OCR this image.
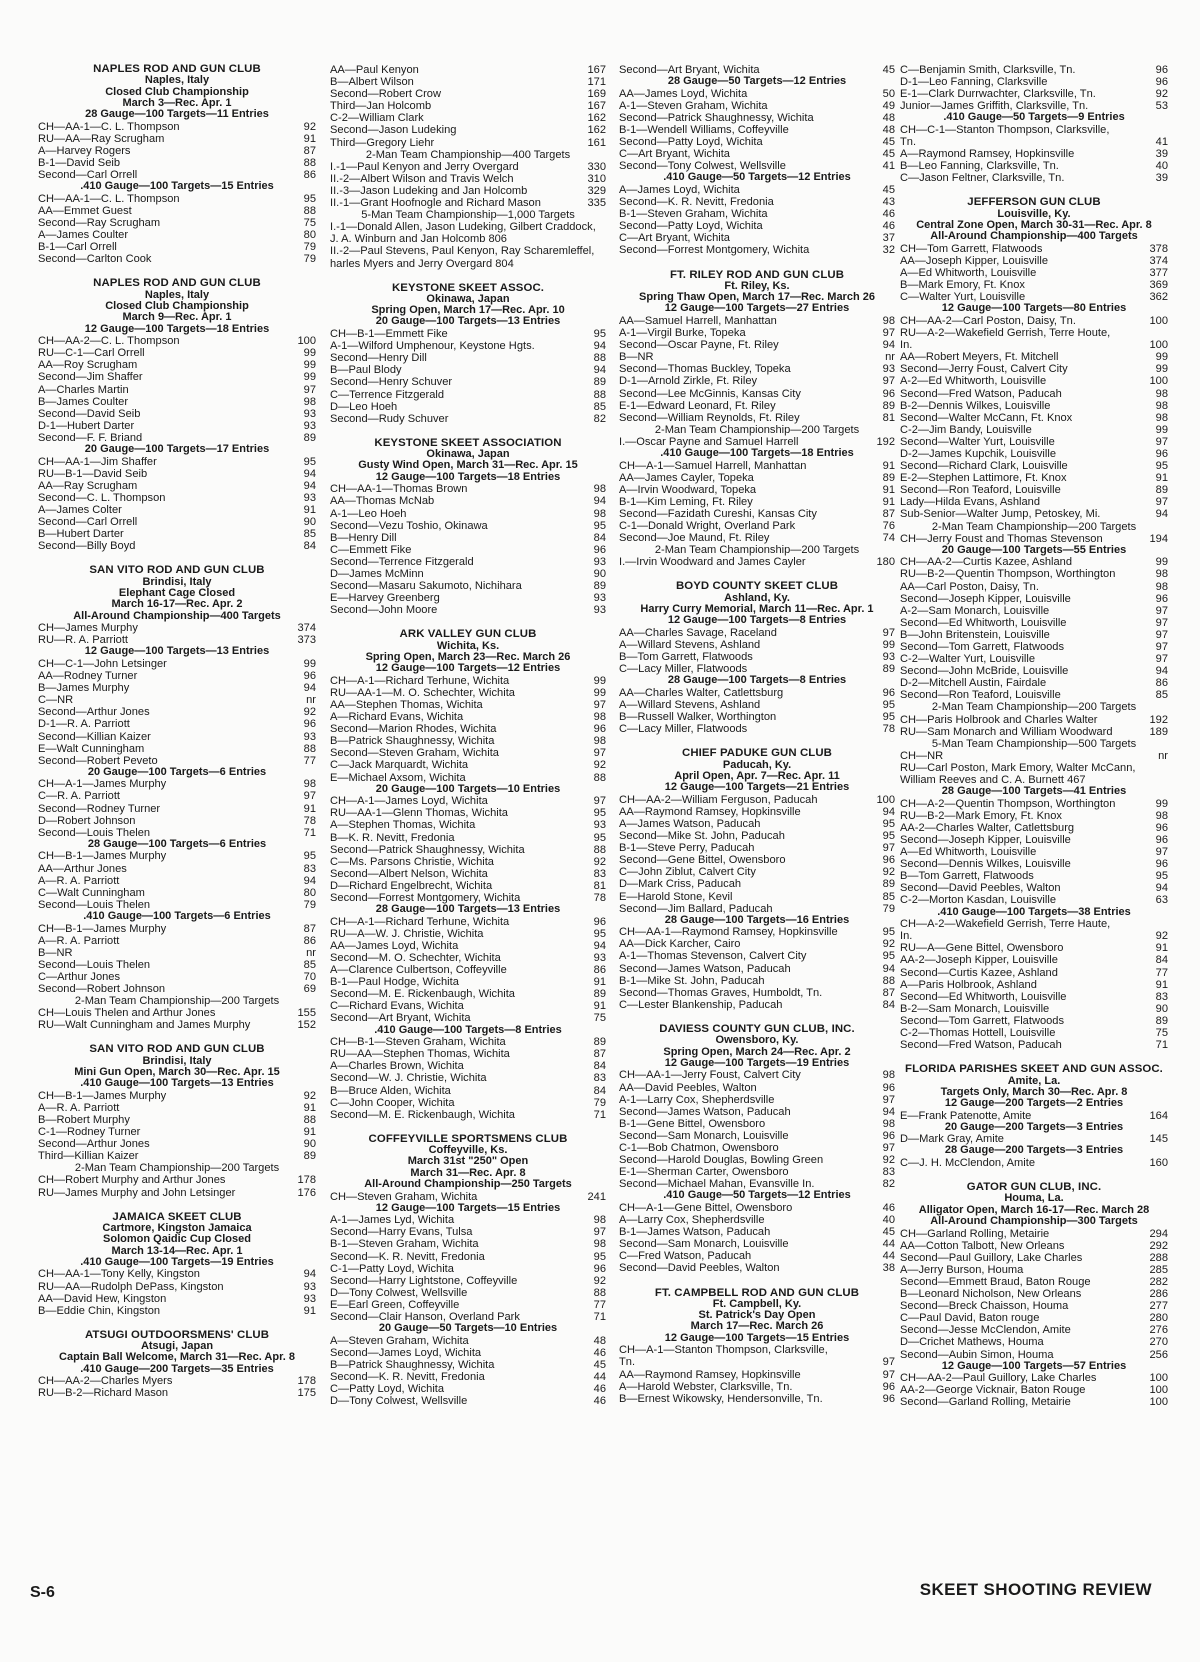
NAPLES ROD AND GUN CLUB
Naples, Italy
Closed Club Championship
March 3—Rec. Apr. 1
28 Gauge—100 Targets—11 Entries
CH—AA-1—C. L. Thompson	92
RU—AA—Ray Scrugham	91
A—Harvey Rogers	87
B-1—David Seib	88
Second—Carl Orrell	86
.410 Gauge—100 Targets—15 Entries
CH—AA-1—C. L. Thompson	95
AA—Emmet Guest	88
Second—Ray Scrugham	75
A—James Coulter	80
B-1—Carl Orrell	79
Second—Carlton Cook	79
NAPLES ROD AND GUN CLUB
Naples, Italy
Closed Club Championship
March 9—Rec. Apr. 1
12 Gauge—100 Targets—18 Entries
CH—AA-2—C. L. Thompson	100
RU—C-1—Carl Orrell	99
AA—Roy Scrugham	99
Second—Jim Shaffer	99
A—Charles Martin	97
B—James Coulter	98
Second—David Seib	93
D-1—Hubert Darter	93
Second—F. F. Briand	89
20 Gauge—100 Targets—17 Entries
CH—AA-1—Jim Shaffer	95
RU—B-1—David Seib	94
AA—Ray Scrugham	94
Second—C. L. Thompson	93
A—James Colter	91
Second—Carl Orrell	90
B—Hubert Darter	85
Second—Billy Boyd	84
SAN VITO ROD AND GUN CLUB
Brindisi, Italy
Elephant Cage Closed
March 16-17—Rec. Apr. 2
All-Around Championship—400 Targets
CH—James Murphy	374
RU—R. A. Parriott	373
12 Gauge—100 Targets—13 Entries
CH—C-1—John Letsinger	99
AA—Rodney Turner	96
B—James Murphy	94
C—NR	nr
Second—Arthur Jones	92
D-1—R. A. Parriott	96
Second—Killian Kaizer	93
E—Walt Cunningham	88
Second—Robert Peveto	77
20 Gauge—100 Targets—6 Entries
CH—A-1—James Murphy	98
C—R. A. Parriott	97
Second—Rodney Turner	91
D—Robert Johnson	78
Second—Louis Thelen	71
28 Gauge—100 Targets—6 Entries
CH—B-1—James Murphy	95
AA—Arthur Jones	83
A—R. A. Parriott	94
C—Walt Cunningham	80
Second—Louis Thelen	79
.410 Gauge—100 Targets—6 Entries
CH—B-1—James Murphy	87
A—R. A. Parriott	86
B—NR	nr
Second—Louis Thelen	85
C—Arthur Jones	70
Second—Robert Johnson	69
2-Man Team Championship—200 Targets
CH—Louis Thelen and Arthur Jones	155
RU—Walt Cunningham and James Murphy	152
SAN VITO ROD AND GUN CLUB
Brindisi, Italy
Mini Gun Open, March 30—Rec. Apr. 15
.410 Gauge—100 Targets—13 Entries
CH—B-1—James Murphy	92
A—R. A. Parriott	91
B—Robert Murphy	88
C-1—Rodney Turner	91
Second—Arthur Jones	90
Third—Killian Kaizer	89
2-Man Team Championship—200 Targets
CH—Robert Murphy and Arthur Jones	178
RU—James Murphy and John Letsinger	176
JAMAICA SKEET CLUB
Cartmore, Kingston Jamaica
Solomon Qaidic Cup Closed
March 13-14—Rec. Apr. 1
.410 Gauge—100 Targets—19 Entries
CH—AA-1—Tony Kelly, Kingston	94
RU—AA—Rudolph DePass, Kingston	93
AA—David Hew, Kingston	93
B—Eddie Chin, Kingston	91
ATSUGI OUTDOORSMENS' CLUB
Atsugi, Japan
Captain Ball Welcome, March 31—Rec. Apr. 8
.410 Gauge—200 Targets—35 Entries
CH—AA-2—Charles Myers	178
RU—B-2—Richard Mason	175
AA—Paul Kenyon	167
B—Albert Wilson	171
Second—Robert Crow	169
Third—Jan Holcomb	167
C-2—William Clark	162
Second—Jason Ludeking	162
Third—Gregory Liehr	161
2-Man Team Championship—400 Targets
I.-1—Paul Kenyon and Jerry Overgard	330
II.-2—Albert Wilson and Travis Welch	310
II.-3—Jason Ludeking and Jan Holcomb	329
II.-1—Grant Hoofnogle and Richard Mason	335
5-Man Team Championship—1,000 Targets
I.-1—Donald Allen, Jason Ludeking, Gilbert Craddock, J. A. Winburn and Jan Holcomb 806
II.-2—Paul Stevens, Paul Kenyon, Ray Scharemleffel, harles Myers and Jerry Overgard 804
KEYSTONE SKEET ASSOC.
Okinawa, Japan
Spring Open, March 17—Rec. Apr. 10
20 Gauge—100 Targets—13 Entries
CH—B-1—Emmett Fike	95
A-1—Wilford Umphenour, Keystone Hgts.	94
Second—Henry Dill	88
B—Paul Blody	94
Second—Henry Schuver	89
C—Terrence Fitzgerald	88
D—Leo Hoeh	85
Second—Rudy Schuver	82
KEYSTONE SKEET ASSOCIATION
Okinawa, Japan
Gusty Wind Open, March 31—Rec. Apr. 15
12 Gauge—100 Targets—18 Entries
CH—AA-1—Thomas Brown	98
AA—Thomas McNab	94
A-1—Leo Hoeh	98
Second—Vezu Toshio, Okinawa	95
B—Henry Dill	84
C—Emmett Fike	96
Second—Terrence Fitzgerald	93
D—James McMinn	90
Second—Masaru Sakumoto, Nichihara	89
E—Harvey Greenberg	93
Second—John Moore	93
ARK VALLEY GUN CLUB
Wichita, Ks.
Spring Open, March 23—Rec. March 26
12 Gauge—100 Targets—12 Entries
CH—A-1—Richard Terhune, Wichita	99
RU—AA-1—M. O. Schechter, Wichita	99
AA—Stephen Thomas, Wichita	97
A—Richard Evans, Wichita	98
Second—Marion Rhodes, Wichita	96
B—Patrick Shaughnessy, Wichita	98
Second—Steven Graham, Wichita	97
C—Jack Marquardt, Wichita	92
E—Michael Axsom, Wichita	88
20 Gauge—100 Targets—10 Entries
CH—A-1—James Loyd, Wichita	97
RU—AA-1—Glenn Thomas, Wichita	95
A—Stephen Thomas, Wichita	93
B—K. R. Nevitt, Fredonia	95
Second—Patrick Shaughnessy, Wichita	88
C—Ms. Parsons Christie, Wichita	92
Second—Albert Nelson, Wichita	83
D—Richard Engelbrecht, Wichita	81
Second—Forrest Montgomery, Wichita	78
28 Gauge—100 Targets—13 Entries
CH—A-1—Richard Terhune, Wichita	96
RU—A—W. J. Christie, Wichita	95
AA—James Loyd, Wichita	94
Second—M. O. Schechter, Wichita	93
A—Clarence Culbertson, Coffeyville	86
B-1—Paul Hodge, Wichita	91
Second—M. E. Rickenbaugh, Wichita	89
C—Richard Evans, Wichita	91
Second—Art Bryant, Wichita	75
.410 Gauge—100 Targets—8 Entries
CH—B-1—Steven Graham, Wichita	89
RU—AA—Stephen Thomas, Wichita	87
A—Charles Brown, Wichita	84
Second—W. J. Christie, Wichita	83
B—Bruce Alden, Wichita	84
C—John Cooper, Wichita	79
Second—M. E. Rickenbaugh, Wichita	71
COFFEYVILLE SPORTSMENS CLUB
Coffeyville, Ks.
March 31st "250" Open
March 31—Rec. Apr. 8
All-Around Championship—250 Targets
CH—Steven Graham, Wichita	241
12 Gauge—100 Targets—15 Entries
A-1—James Lyd, Wichita	98
Second—Harry Evans, Tulsa	97
B-1—Steven Graham, Wichita	98
Second—K. R. Nevitt, Fredonia	95
C-1—Patty Loyd, Wichita	96
Second—Harry Lightstone, Coffeyville	92
D—Tony Colwest, Wellsville	88
E—Earl Green, Coffeyville	77
Second—Clair Hanson, Overland Park	71
20 Gauge—50 Targets—10 Entries
A—Steven Graham, Wichita	48
Second—James Loyd, Wichita	46
B—Patrick Shaughnessy, Wichita	45
Second—K. R. Nevitt, Fredonia	44
C—Patty Loyd, Wichita	46
D—Tony Colwest, Wellsville	46
Second—Art Bryant, Wichita	45
28 Gauge—50 Targets—12 Entries
AA—James Loyd, Wichita	50
A-1—Steven Graham, Wichita	49
Second—Patrick Shaughnessy, Wichita	48
B-1—Wendell Williams, Coffeyville	48
Second—Patty Loyd, Wichita	45
C—Art Bryant, Wichita	45
Second—Tony Colwest, Wellsville	41
.410 Gauge—50 Targets—12 Entries
A—James Loyd, Wichita	45
Second—K. R. Nevitt, Fredonia	43
B-1—Steven Graham, Wichita	46
Second—Patty Loyd, Wichita	46
C—Art Bryant, Wichita	37
Second—Forrest Montgomery, Wichita	32
FT. RILEY ROD AND GUN CLUB
Ft. Riley, Ks.
Spring Thaw Open, March 17—Rec. March 26
12 Gauge—100 Targets—27 Entries
AA—Samuel Harrell, Manhattan	98
A-1—Virgil Burke, Topeka	97
Second—Oscar Payne, Ft. Riley	94
B—NR	nr
Second—Thomas Buckley, Topeka	93
D-1—Arnold Zirkle, Ft. Riley	97
Second—Lee McGinnis, Kansas City	96
E-1—Edward Leonard, Ft. Riley	89
Second—William Reynolds, Ft. Riley	81
2-Man Team Championship—200 Targets
I.—Oscar Payne and Samuel Harrell	192
.410 Gauge—100 Targets—18 Entries
CH—A-1—Samuel Harrell, Manhattan	91
AA—James Cayler, Topeka	89
A—Irvin Woodward, Topeka	91
B-1—Kim Leming, Ft. Riley	91
Second—Fazidath Cureshi, Kansas City	87
C-1—Donald Wright, Overland Park	76
Second—Joe Maund, Ft. Riley	74
2-Man Team Championship—200 Targets
I.—Irvin Woodward and James Cayler	180
BOYD COUNTY SKEET CLUB
Ashland, Ky.
Harry Curry Memorial, March 11—Rec. Apr. 1
12 Gauge—100 Targets—8 Entries
AA—Charles Savage, Raceland	97
A—Willard Stevens, Ashland	99
B—Tom Garrett, Flatwoods	93
C—Lacy Miller, Flatwoods	89
28 Gauge—100 Targets—8 Entries
AA—Charles Walter, Catlettsburg	96
A—Willard Stevens, Ashland	95
B—Russell Walker, Worthington	95
C—Lacy Miller, Flatwoods	78
CHIEF PADUKE GUN CLUB
Paducah, Ky.
April Open, Apr. 7—Rec. Apr. 11
12 Gauge—100 Targets—21 Entries
CH—AA-2—William Ferguson, Paducah	100
AA—Raymond Ramsey, Hopkinsville	94
A—James Watson, Paducah	95
Second—Mike St. John, Paducah	95
B-1—Steve Perry, Paducah	97
Second—Gene Bittel, Owensboro	96
C—John Ziblut, Calvert City	92
D—Mark Criss, Paducah	89
E—Harold Stone, Kevil	85
Second—Jim Ballard, Paducah	79
28 Gauge—100 Targets—16 Entries
CH—AA-1—Raymond Ramsey, Hopkinsville	95
AA—Dick Karcher, Cairo	92
A-1—Thomas Stevenson, Calvert City	95
Second—James Watson, Paducah	94
B-1—Mike St. John, Paducah	88
Second—Thomas Graves, Humboldt, Tn.	87
C—Lester Blankenship, Paducah	84
DAVIESS COUNTY GUN CLUB, INC.
Owensboro, Ky.
Spring Open, March 24—Rec. Apr. 2
12 Gauge—100 Targets—19 Entries
CH—AA-1—Jerry Foust, Calvert City	98
AA—David Peebles, Walton	96
A-1—Larry Cox, Shepherdsville	97
Second—James Watson, Paducah	94
B-1—Gene Bittel, Owensboro	98
Second—Sam Monarch, Louisville	96
C-1—Bob Chatmon, Owensboro	97
Second—Harold Douglas, Bowling Green	92
E-1—Sherman Carter, Owensboro	83
Second—Michael Mahan, Evansville In.	82
.410 Gauge—50 Targets—12 Entries
CH—A-1—Gene Bittel, Owensboro	46
A—Larry Cox, Shepherdsville	40
B-1—James Watson, Paducah	45
Second—Sam Monarch, Louisville	44
C—Fred Watson, Paducah	44
Second—David Peebles, Walton	38
FT. CAMPBELL ROD AND GUN CLUB
Ft. Campbell, Ky.
St. Patrick's Day Open
March 17—Rec. March 26
12 Gauge—100 Targets—15 Entries
CH—A-1—Stanton Thompson, Clarksville,
Tn.	97
AA—Raymond Ramsey, Hopkinsville	97
A—Harold Webster, Clarksville, Tn.	96
B—Ernest Wikowsky, Hendersonville, Tn.	96
C—Benjamin Smith, Clarksville, Tn.	96
D-1—Leo Fanning, Clarksville	96
E-1—Clark Durrwachter, Clarksville, Tn.	92
Junior—James Griffith, Clarksville, Tn.	53
.410 Gauge—50 Targets—9 Entries
CH—C-1—Stanton Thompson, Clarksville,
Tn.	41
A—Raymond Ramsey, Hopkinsville	39
B—Leo Fanning, Clarksville, Tn.	40
C—Jason Feltner, Clarksville, Tn.	39
JEFFERSON GUN CLUB
Louisville, Ky.
Central Zone Open, March 30-31—Rec. Apr. 8
All-Around Championship—400 Targets
CH—Tom Garrett, Flatwoods	378
AA—Joseph Kipper, Louisville	374
A—Ed Whitworth, Louisville	377
B—Mark Emory, Ft. Knox	369
C—Walter Yurt, Louisville	362
12 Gauge—100 Targets—80 Entries
CH—AA-2—Carl Poston, Daisy, Tn.	100
RU—A-2—Wakefield Gerrish, Terre Houte,
In.	100
AA—Robert Meyers, Ft. Mitchell	99
Second—Jerry Foust, Calvert City	99
A-2—Ed Whitworth, Louisville	100
Second—Fred Watson, Paducah	98
B-2—Dennis Wilkes, Louisville	98
Second—Walter McCann, Ft. Knox	98
C-2—Jim Bandy, Louisville	99
Second—Walter Yurt, Louisville	97
D-2—James Kupchik, Louisville	96
Second—Richard Clark, Louisville	95
E-2—Stephen Lattimore, Ft. Knox	91
Second—Ron Teaford, Louisville	89
Lady—Hilda Evans, Ashland	97
Sub-Senior—Walter Jump, Petoskey, Mi.	94
2-Man Team Championship—200 Targets
CH—Jerry Foust and Thomas Stevenson	194
20 Gauge—100 Targets—55 Entries
CH—AA-2—Curtis Kazee, Ashland	99
RU—B-2—Quentin Thompson, Worthington	98
AA—Carl Poston, Daisy, Tn.	98
Second—Joseph Kipper, Louisville	96
A-2—Sam Monarch, Louisville	97
Second—Ed Whitworth, Louisville	97
B—John Britenstein, Louisville	97
Second—Tom Garrett, Flatwoods	97
C-2—Walter Yurt, Louisville	97
Second—John McBride, Louisville	94
D-2—Mitchell Austin, Fairdale	86
Second—Ron Teaford, Louisville	85
2-Man Team Championship—200 Targets
CH—Paris Holbrook and Charles Walter	192
RU—Sam Monarch and William Woodward	189
5-Man Team Championship—500 Targets
CH—NR	nr
RU—Carl Poston, Mark Emory, Walter McCann, William Reeves and C. A. Burnett 467
28 Gauge—100 Targets—41 Entries
CH—A-2—Quentin Thompson, Worthington	99
RU—B-2—Mark Emory, Ft. Knox	98
AA-2—Charles Walter, Catlettsburg	96
Second—Joseph Kipper, Louisville	96
A—Ed Whitworth, Louisville	97
Second—Dennis Wilkes, Louisville	96
B—Tom Garrett, Flatwoods	95
Second—David Peebles, Walton	94
C-2—Morton Kasdan, Louisville	63
.410 Gauge—100 Targets—38 Entries
CH—A-2—Wakefield Gerrish, Terre Haute,
In.	92
RU—A—Gene Bittel, Owensboro	91
AA-2—Joseph Kipper, Louisville	84
Second—Curtis Kazee, Ashland	77
A—Paris Holbrook, Ashland	91
Second—Ed Whitworth, Louisville	83
B-2—Sam Monarch, Louisville	90
Second—Tom Garrett, Flatwoods	89
C-2—Thomas Hottell, Louisville	75
Second—Fred Watson, Paducah	71
FLORIDA PARISHES SKEET AND GUN ASSOC.
Amite, La.
Targets Only, March 30—Rec. Apr. 8
12 Gauge—200 Targets—2 Entries
E—Frank Patenotte, Amite	164
20 Gauge—200 Targets—3 Entries
D—Mark Gray, Amite	145
28 Gauge—200 Targets—3 Entries
C—J. H. McClendon, Amite	160
GATOR GUN CLUB, INC.
Houma, La.
Alligator Open, March 16-17—Rec. March 28
All-Around Championship—300 Targets
CH—Garland Rolling, Metairie	294
AA—Cotton Talbott, New Orleans	292
Second—Paul Guillory, Lake Charles	288
A—Jerry Burson, Houma	285
Second—Emmett Braud, Baton Rouge	282
B—Leonard Nicholson, New Orleans	286
Second—Breck Chaisson, Houma	277
C—Paul David, Baton rouge	280
Second—Jesse McClendon, Amite	276
D—Crichet Mathews, Houma	270
Second—Aubin Simon, Houma	256
12 Gauge—100 Targets—57 Entries
CH—AA-2—Paul Guillory, Lake Charles	100
AA-2—George Vicknair, Baton Rouge	100
Second—Garland Rolling, Metairie	100
S-6	SKEET SHOOTING REVIEW
